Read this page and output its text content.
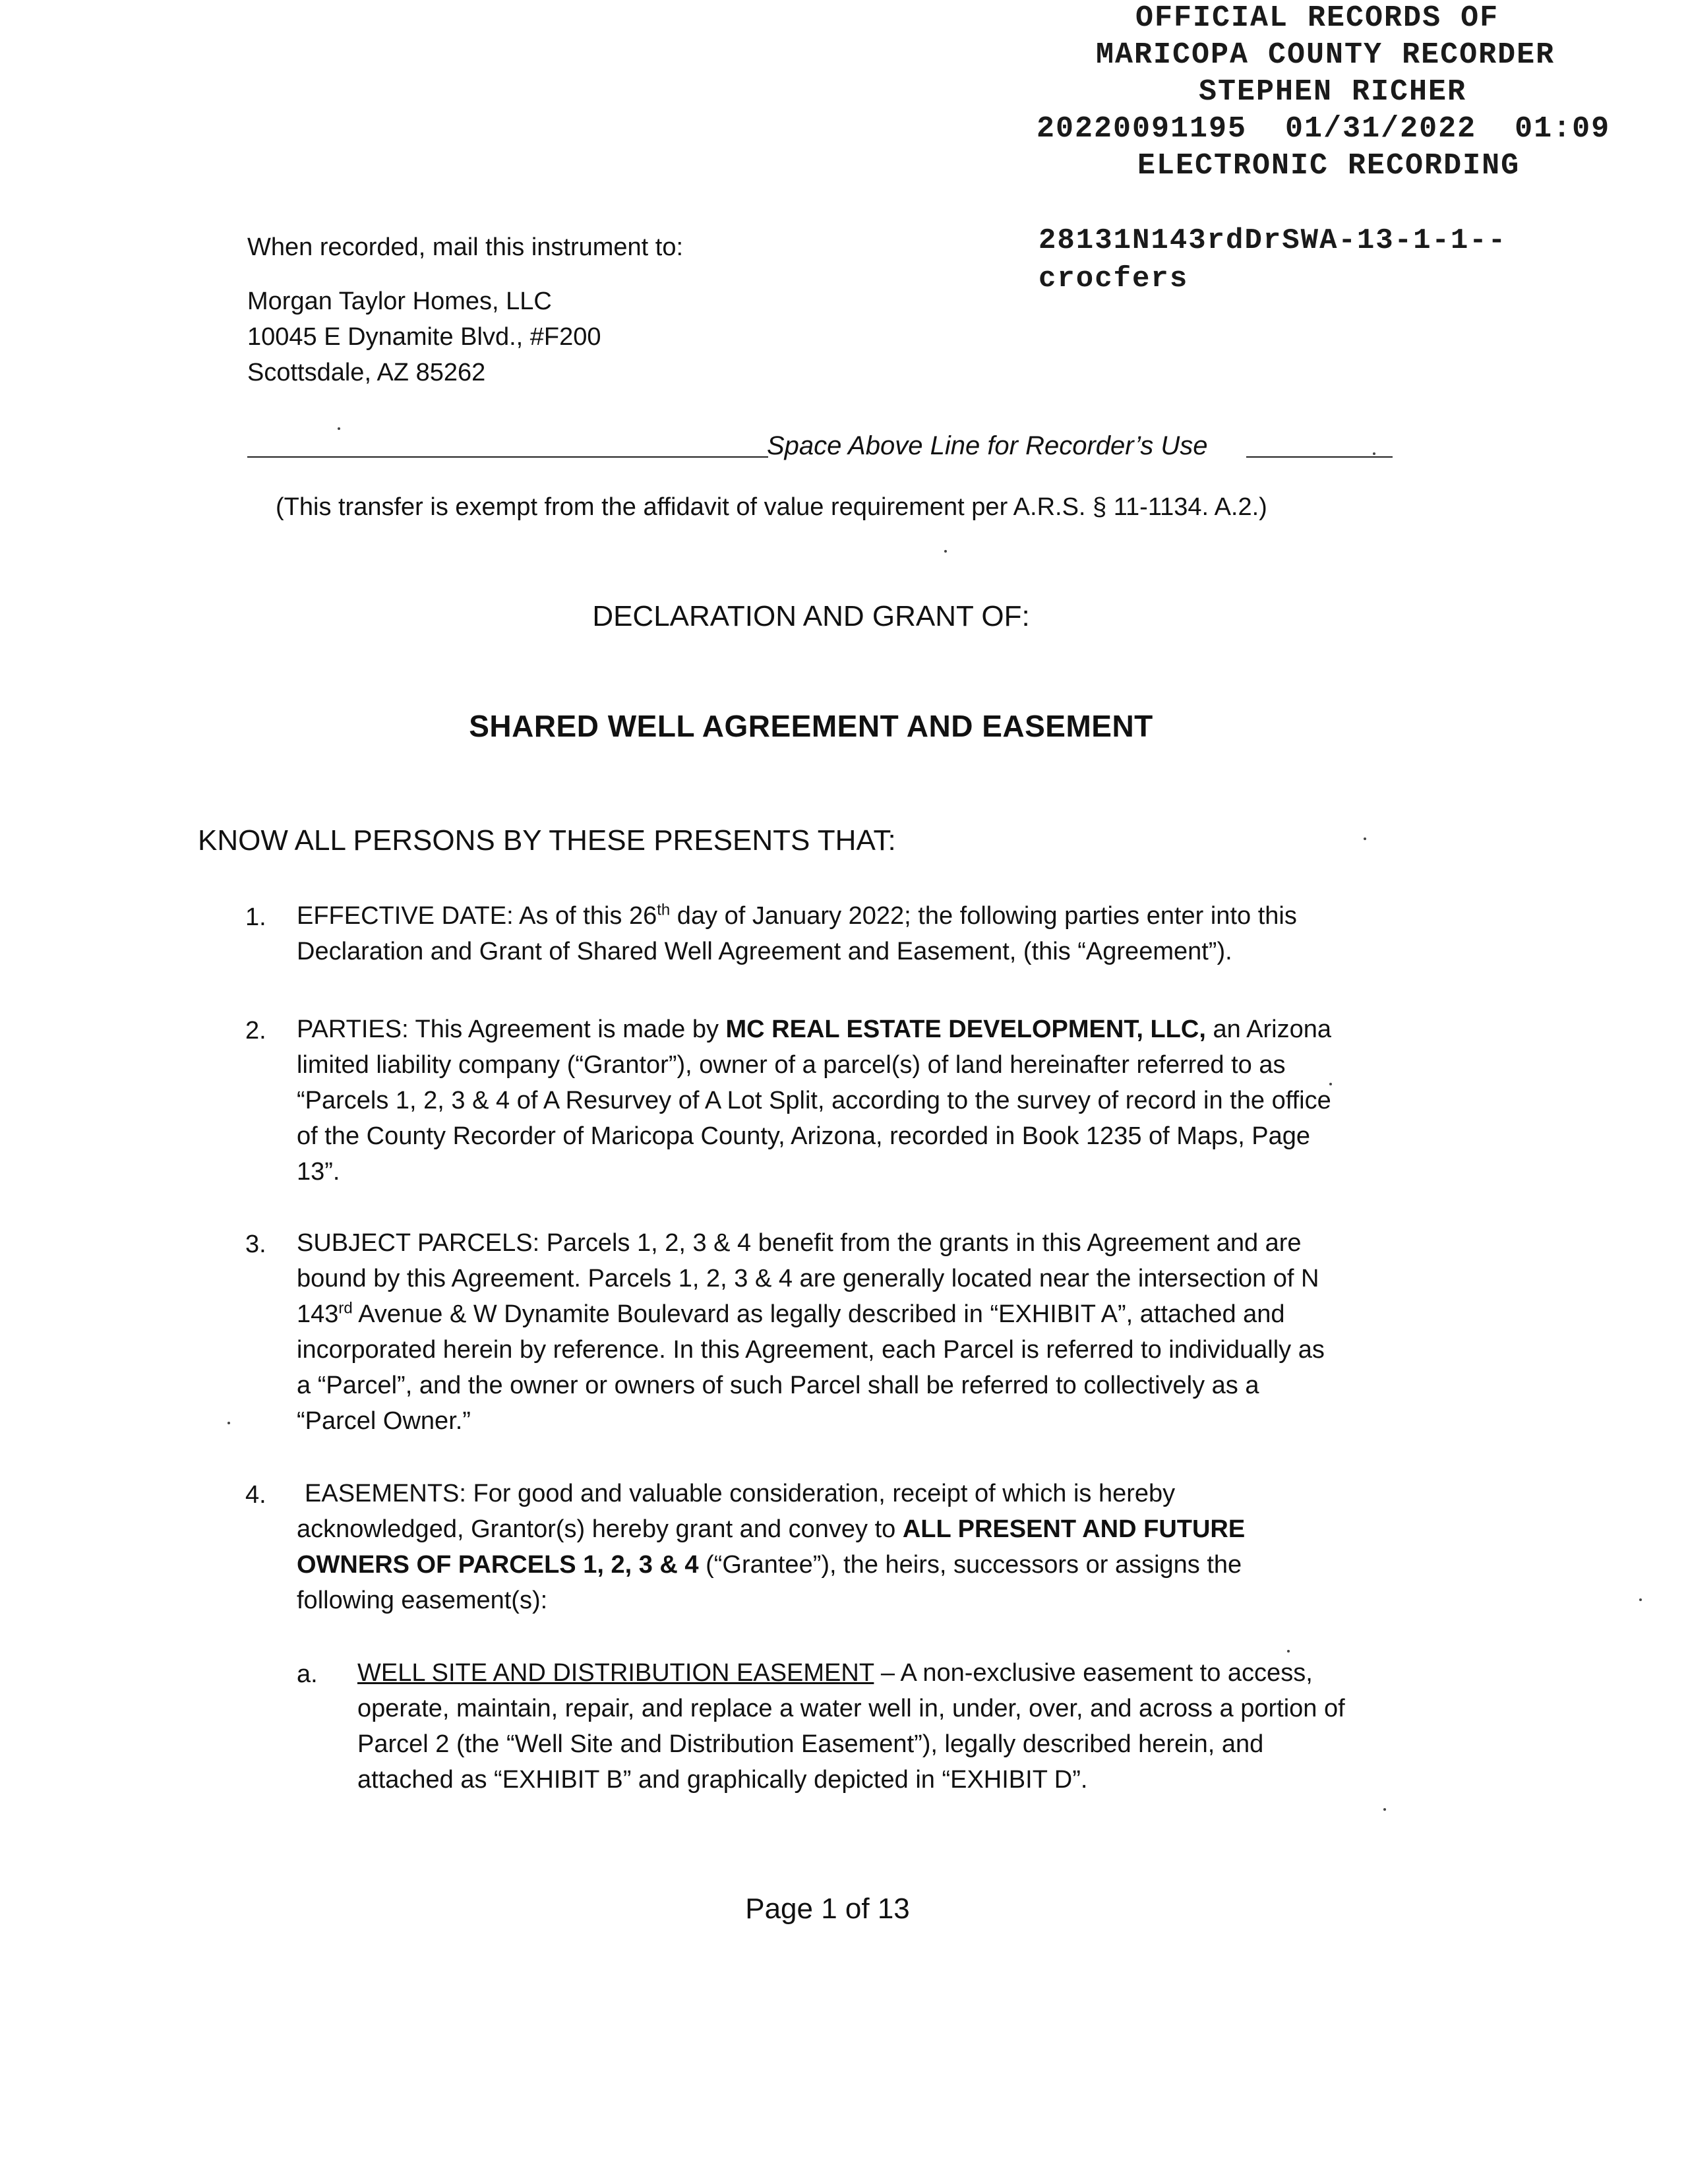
OFFICIAL RECORDS OF
MARICOPA COUNTY RECORDER
STEPHEN RICHER
20220091195  01/31/2022  01:09
ELECTRONIC RECORDING
28131N143rdDrSWA-13-1-1--
crocfers
When recorded, mail this instrument to:
Morgan Taylor Homes, LLC
10045 E Dynamite Blvd., #F200
Scottsdale, AZ 85262
Space Above Line for Recorder’s Use
(This transfer is exempt from the affidavit of value requirement per A.R.S. § 11-1134. A.2.)
DECLARATION AND GRANT OF:
SHARED WELL AGREEMENT AND EASEMENT
KNOW ALL PERSONS BY THESE PRESENTS THAT:
1. EFFECTIVE DATE: As of this 26th day of January 2022; the following parties enter into this
Declaration and Grant of Shared Well Agreement and Easement, (this “Agreement”).
2. PARTIES: This Agreement is made by MC REAL ESTATE DEVELOPMENT, LLC, an Arizona
limited liability company (“Grantor”), owner of a parcel(s) of land hereinafter referred to as
“Parcels 1, 2, 3 & 4 of A Resurvey of A Lot Split, according to the survey of record in the office
of the County Recorder of Maricopa County, Arizona, recorded in Book 1235 of Maps, Page
13”.
3. SUBJECT PARCELS: Parcels 1, 2, 3 & 4 benefit from the grants in this Agreement and are
bound by this Agreement. Parcels 1, 2, 3 & 4 are generally located near the intersection of N
143rd Avenue & W Dynamite Boulevard as legally described in “EXHIBIT A”, attached and
incorporated herein by reference. In this Agreement, each Parcel is referred to individually as
a “Parcel”, and the owner or owners of such Parcel shall be referred to collectively as a
“Parcel Owner.”
4. EASEMENTS: For good and valuable consideration, receipt of which is hereby
acknowledged, Grantor(s) hereby grant and convey to ALL PRESENT AND FUTURE
OWNERS OF PARCELS 1, 2, 3 & 4 (“Grantee”), the heirs, successors or assigns the
following easement(s):
a. WELL SITE AND DISTRIBUTION EASEMENT – A non-exclusive easement to access,
operate, maintain, repair, and replace a water well in, under, over, and across a portion of
Parcel 2 (the “Well Site and Distribution Easement”), legally described herein, and
attached as “EXHIBIT B” and graphically depicted in “EXHIBIT D”.
Page 1 of 13
